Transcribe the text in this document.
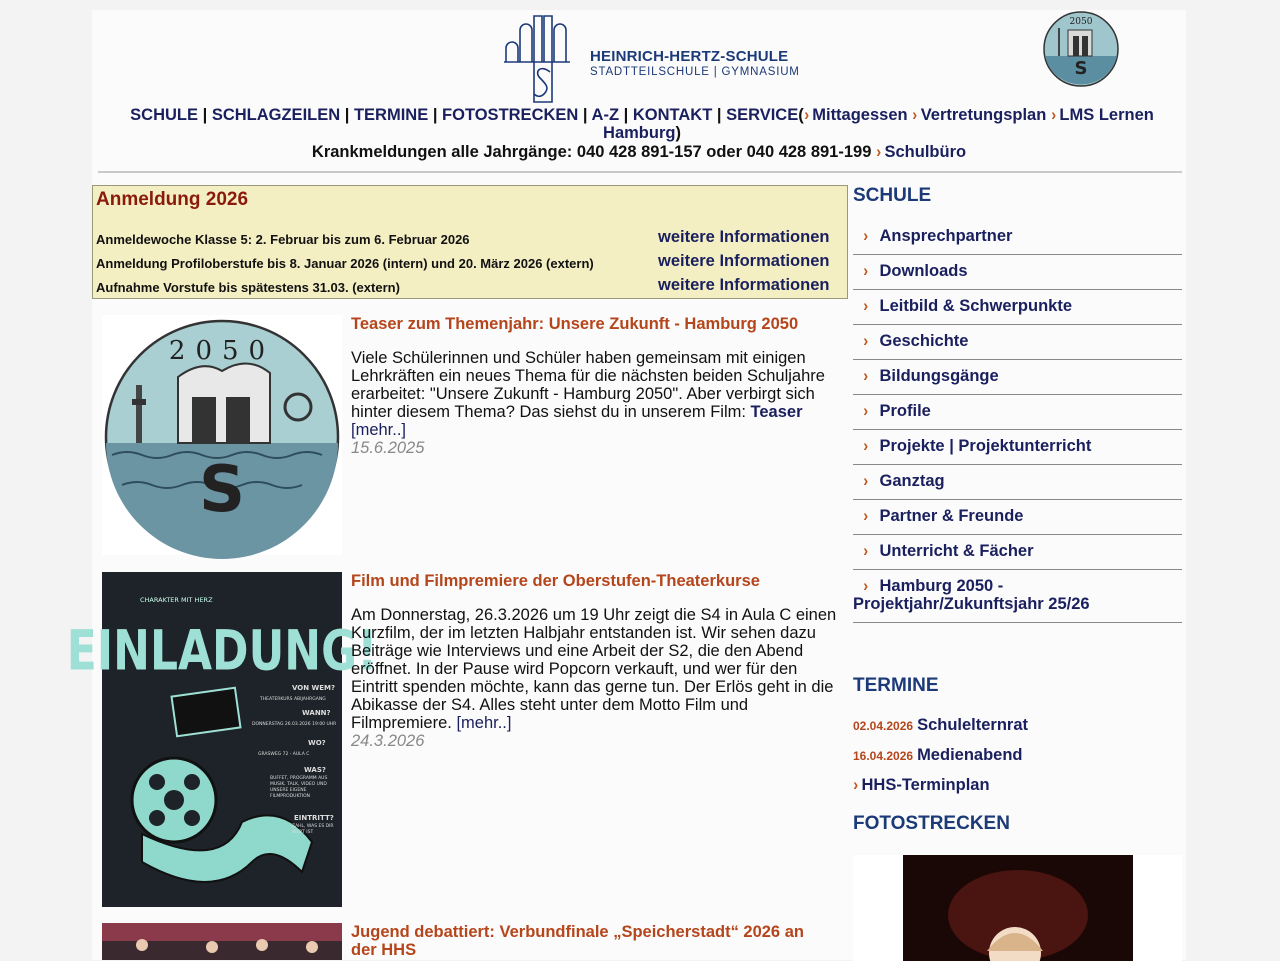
HEINRICH-HERTZ-SCHULE
STADTTEILSCHULE | GYMNASIUM	S
2050
SCHULE | SCHLAGZEILEN | TERMINE | FOTOSTRECKEN | A-Z | KONTAKT | SERVICE(› Mittagessen › Vertretungsplan › LMS Lernen Hamburg)
Krankmeldungen alle Jahrgänge: 040 428 891-157 oder 040 428 891-199 › Schulbüro
Anmeldung 2026
Anmeldewoche Klasse 5: 2. Februar bis zum 6. Februar 2026	weitere Informationen
Anmeldung Profiloberstufe bis 8. Januar 2026 (intern) und 20. März 2026 (extern)	weitere Informationen
Aufnahme Vorstufe bis spätestens 31.03. (extern)	weitere Informationen
S
2050
Teaser zum Themenjahr: Unsere Zukunft - Hamburg 2050
Viele Schülerinnen und Schüler haben gemeinsam mit einigen Lehrkräften ein neues Thema für die nächsten beiden Schuljahre erarbeitet: "Unsere Zukunft - Hamburg 2050". Aber verbirgt sich hinter diesem Thema? Das siehst du in unserem Film: Teaser [mehr..]
15.6.2025
CHARAKTER MIT HERZ
EINLADUNG!
VON WEM?
THEATERKURS ABIJAHRGANG
WANN?
DONNERSTAG 26.03.2026 19:00 UHR
WO?
GRASWEG 72 - AULA C
WAS?
BUFFET, PROGRAMM AUS MUSIK, TALK, VIDEO UND UNSERE EIGENE FILMPRODUKTION
EINTRITT?
ZAHL, WAS ES DIR WERT IST
Film und Filmpremiere der Oberstufen-Theaterkurse
Am Donnerstag, 26.3.2026 um 19 Uhr zeigt die S4 in Aula C einen Kurzfilm, der im letzten Halbjahr entstanden ist. Wir sehen dazu Beiträge wie Interviews und eine Arbeit der S2, die den Abend eröffnet. In der Pause wird Popcorn verkauft, und wer für den Eintritt spenden möchte, kann das gerne tun. Der Erlös geht in die Abikasse der S4. Alles steht unter dem Motto Film und Filmpremiere. [mehr..]
24.3.2026
Jugend debattiert: Verbundfinale „Speicherstadt“ 2026 an der HHS
SCHULE
› Ansprechpartner
› Downloads
› Leitbild & Schwerpunkte
› Geschichte
› Bildungsgänge
› Profile
› Projekte | Projektunterricht
› Ganztag
› Partner & Freunde
› Unterricht & Fächer
› Hamburg 2050 - Projektjahr/Zukunftsjahr 25/26
TERMINE
02.04.2026 Schulelternrat
16.04.2026 Medienabend
› HHS-Terminplan
FOTOSTRECKEN
